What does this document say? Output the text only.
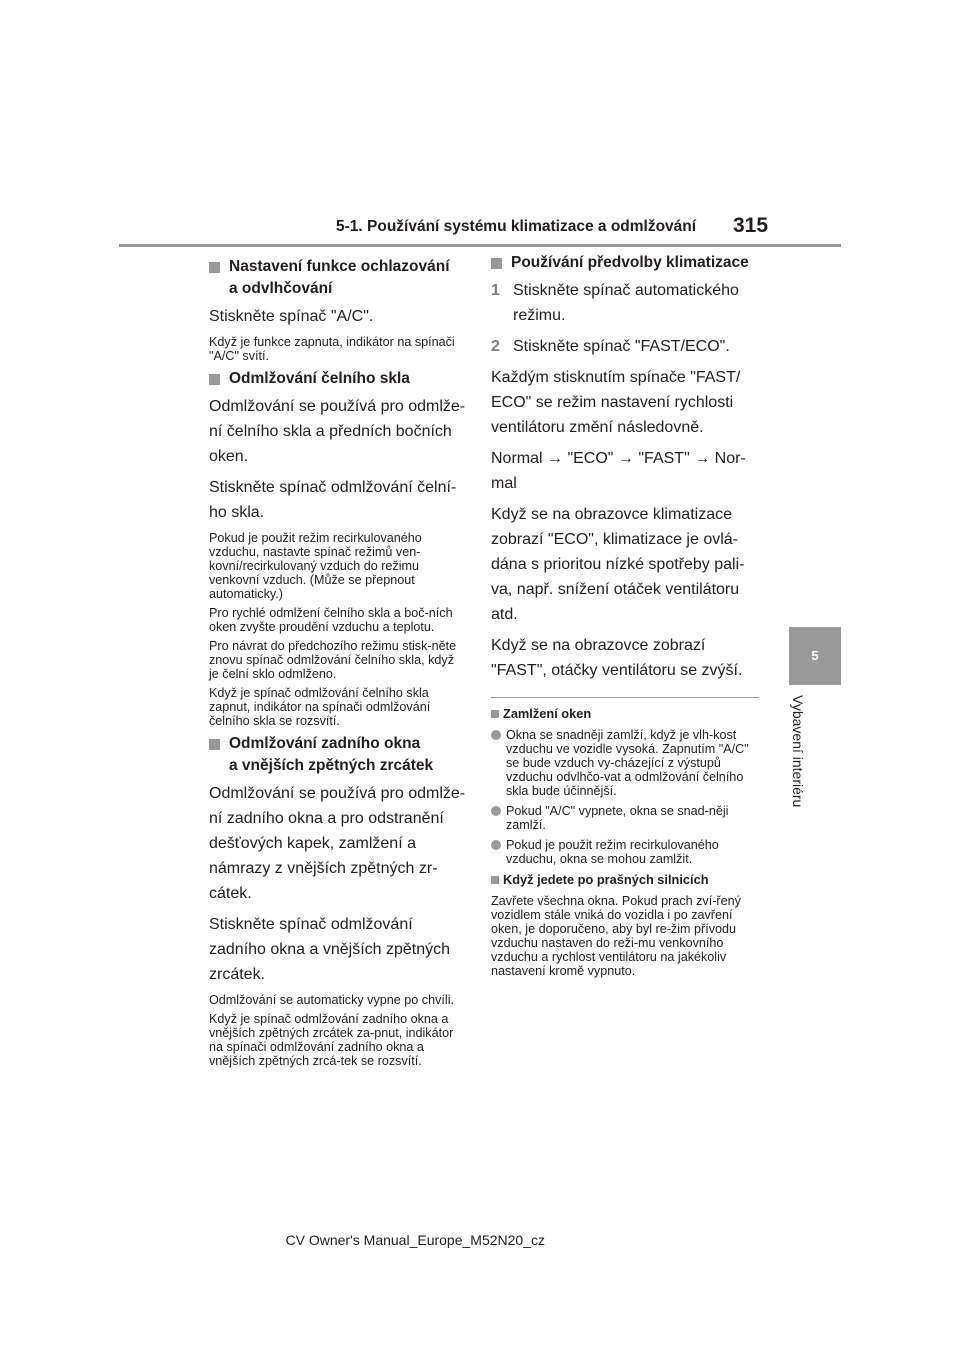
5-1. Používání systému klimatizace a odmlžování 315
5
Vybavení interiéru
Nastavení funkce ochlazování
a odvlhčování

Stiskněte spínač "A/C".

Když je funkce zapnuta, indikátor na spínači "A/C" svítí.

Odmlžování čelního skla

Odmlžování se používá pro odmlže-ní čelního skla a předních bočních oken.

Stiskněte spínač odmlžování čelní-ho skla.

Pokud je použit režim recirkulovaného vzduchu, nastavte spínač režimů ven-kovní/recirkulovaný vzduch do režimu venkovní vzduch. (Může se přepnout automaticky.)

Pro rychlé odmlžení čelního skla a boč-ních oken zvyšte proudění vzduchu a teplotu.

Pro návrat do předchozího režimu stisk-něte znovu spínač odmlžování čelního skla, když je čelní sklo odmlženo.

Když je spínač odmlžování čelního skla zapnut, indikátor na spínači odmlžování čelního skla se rozsvítí.

Odmlžování zadního okna
a vnějších zpětných zrcátek

Odmlžování se používá pro odmlže-ní zadního okna a pro odstranění dešťových kapek, zamlžení a námrazy z vnějších zpětných zr-cátek.

Stiskněte spínač odmlžování zadního okna a vnějších zpětných zrcátek.

Odmlžování se automaticky vypne po chvíli.

Když je spínač odmlžování zadního okna a vnějších zpětných zrcátek za-pnut, indikátor na spínači odmlžování zadního okna a vnějších zpětných zrcá-tek se rozsvítí.

Používání předvolby klimatizace
1 Stiskněte spínač automatického režimu.
2 Stiskněte spínač "FAST/ECO".

Každým stisknutím spínače "FAST/ ECO" se režim nastavení rychlosti ventilátoru změní následovně.

Normal → "ECO" → "FAST" → Nor-mal

Když se na obrazovce klimatizace zobrazí "ECO", klimatizace je ovlá-dána s prioritou nízké spotřeby pali-va, např. snížení otáček ventilátoru atd.

Když se na obrazovce zobrazí "FAST", otáčky ventilátoru se zvýší.

Zamlžení oken
Okna se snadněji zamlží, když je vlh-kost vzduchu ve vozidle vysoká. Zapnutím "A/C" se bude vzduch vy-cházející z výstupů vzduchu odvlhčo-vat a odmlžování čelního skla bude účinnější.
Pokud "A/C" vypnete, okna se snad-něji zamlží.
Pokud je použit režim recirkulovaného vzduchu, okna se mohou zamlžit.
Když jedete po prašných silnicích

Zavřete všechna okna. Pokud prach zví-řený vozidlem stále vniká do vozidla i po zavření oken, je doporučeno, aby byl re-žim přívodu vzduchu nastaven do reži-mu venkovního vzduchu a rychlost ventilátoru na jakékoliv nastavení kromě vypnuto.

CV Owner's Manual_Europe_M52N20_cz
